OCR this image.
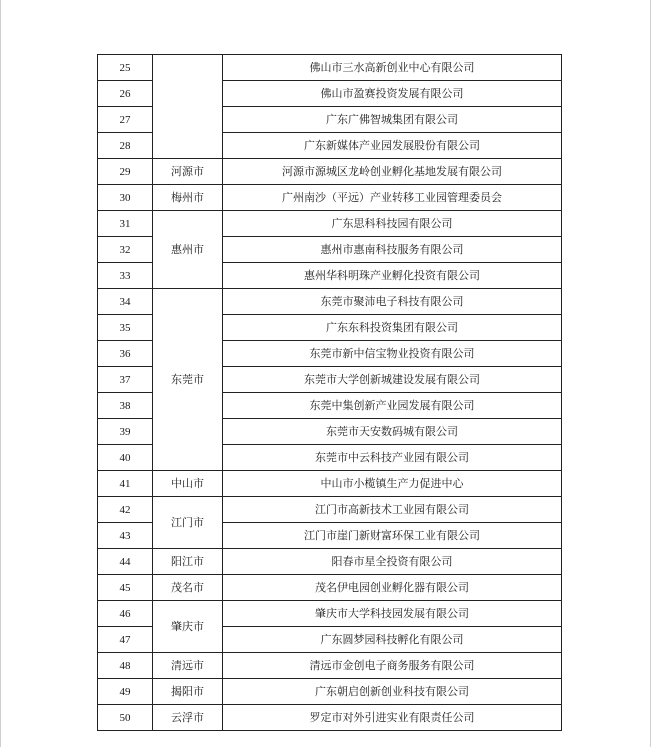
25		佛山市三水高新创业中心有限公司
26		佛山市盈赛投资发展有限公司
27		广东广佛智城集团有限公司
28		广东新媒体产业园发展股份有限公司
29	河源市	河源市源城区龙岭创业孵化基地发展有限公司
30	梅州市	广州南沙（平远）产业转移工业园管理委员会
31	惠州市	广东思科科技园有限公司
32		惠州市惠南科技服务有限公司
33		惠州华科明珠产业孵化投资有限公司
34	东莞市	东莞市聚沛电子科技有限公司
35		广东东科投资集团有限公司
36		东莞市新中信宝物业投资有限公司
37		东莞市大学创新城建设发展有限公司
38		东莞中集创新产业园发展有限公司
39		东莞市天安数码城有限公司
40		东莞市中云科技产业园有限公司
41	中山市	中山市小榄镇生产力促进中心
42	江门市	江门市高新技术工业园有限公司
43		江门市崖门新财富环保工业有限公司
44	阳江市	阳春市星全投资有限公司
45	茂名市	茂名伊电园创业孵化器有限公司
46	肇庆市	肇庆市大学科技园发展有限公司
47		广东圆梦园科技孵化有限公司
48	清远市	清远市金创电子商务服务有限公司
49	揭阳市	广东朝启创新创业科技有限公司
50	云浮市	罗定市对外引进实业有限责任公司
